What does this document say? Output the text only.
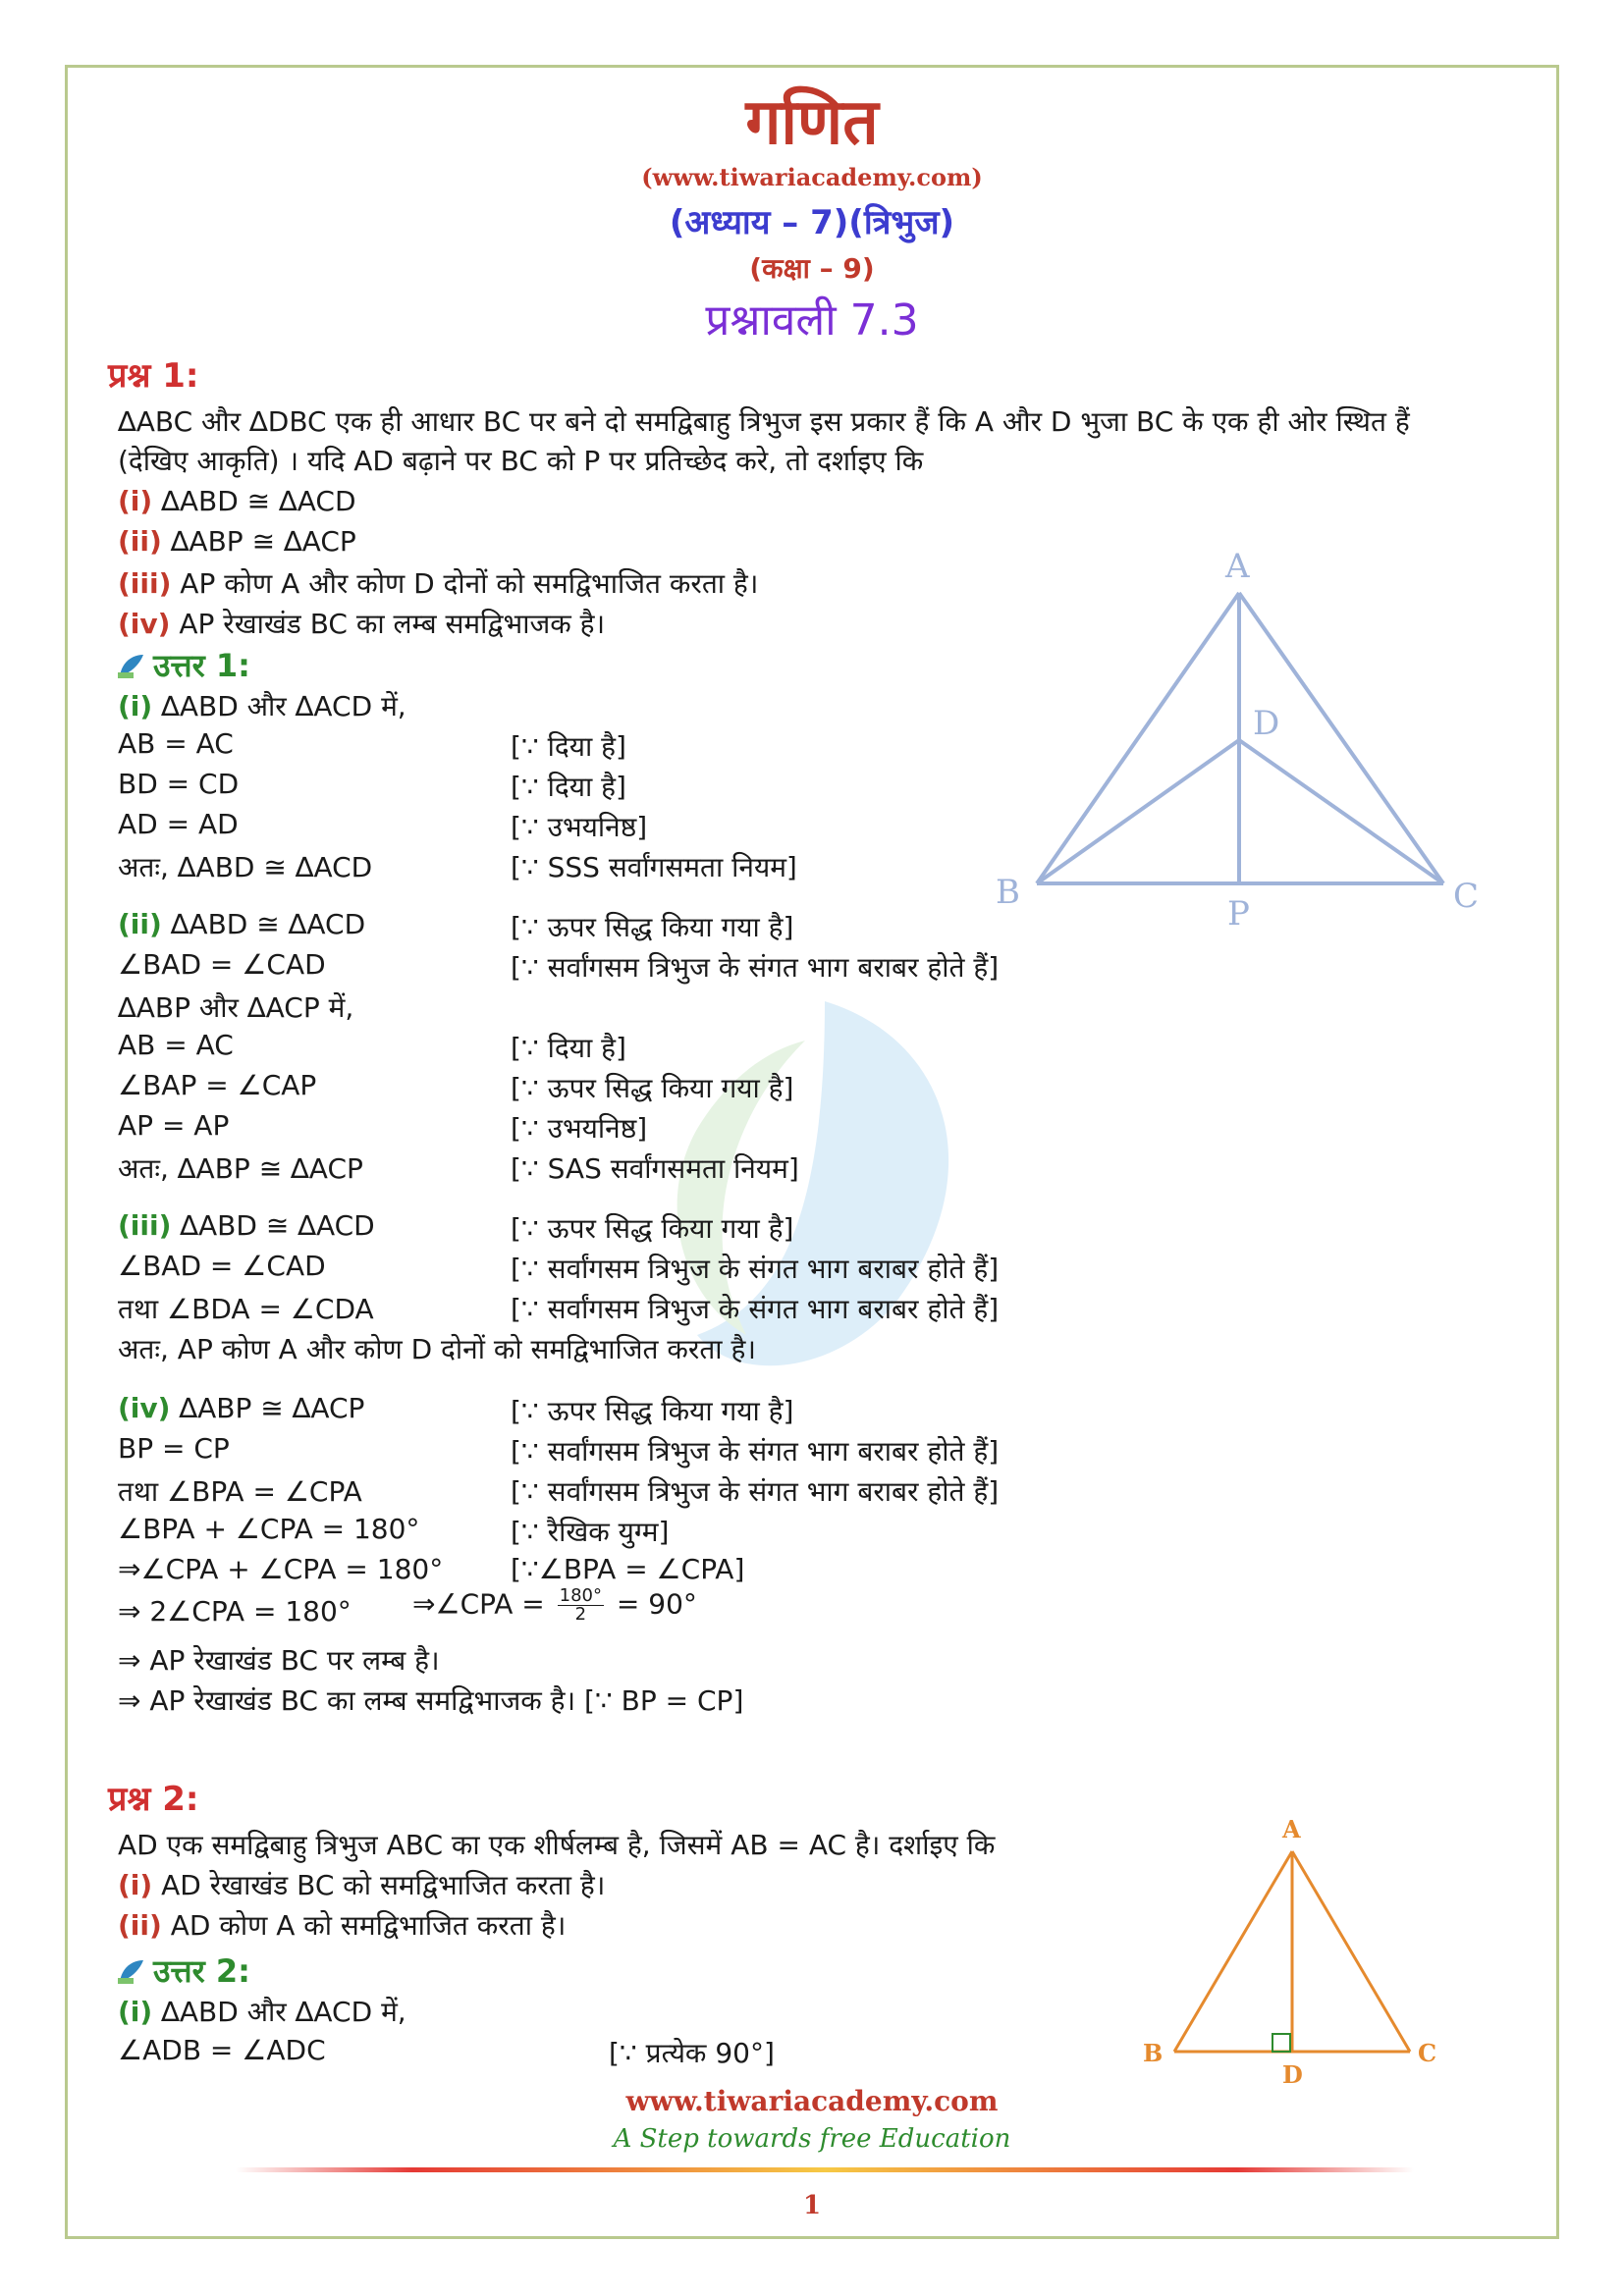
गणित
(www.tiwariacademy.com)
(अध्याय – 7)(त्रिभुज)
(कक्षा – 9)
प्रश्नावली 7.3
प्रश्न 1:
∆ABC और ∆DBC एक ही आधार BC पर बने दो समद्विबाहु त्रिभुज इस प्रकार हैं कि A और D भुजा BC के एक ही ओर स्थित हैं
(देखिए आकृति) । यदि AD बढ़ाने पर BC को P पर प्रतिच्छेद करे, तो दर्शाइए कि
(i) ∆ABD ≅ ∆ACD
(ii) ∆ABP ≅ ∆ACP
(iii) AP कोण A और कोण D दोनों को समद्विभाजित करता है।
(iv) AP रेखाखंड BC का लम्ब समद्विभाजक है।
A
B	C
D
P
उत्तर 1:
(i) ∆ABD और ∆ACD में,
AB = AC	[∵ दिया है]
BD = CD	[∵ दिया है]
AD = AD	[∵ उभयनिष्ठ]
अतः, ∆ABD ≅ ∆ACD	[∵ SSS सर्वांगसमता नियम]
(ii) ∆ABD ≅ ∆ACD	[∵ ऊपर सिद्ध किया गया है]
∠BAD = ∠CAD	[∵ सर्वांगसम त्रिभुज के संगत भाग बराबर होते हैं]
∆ABP और ∆ACP में,
AB = AC	[∵ दिया है]
∠BAP = ∠CAP	[∵ ऊपर सिद्ध किया गया है]
AP = AP	[∵ उभयनिष्ठ]
अतः, ∆ABP ≅ ∆ACP	[∵ SAS सर्वांगसमता नियम]
(iii) ∆ABD ≅ ∆ACD	[∵ ऊपर सिद्ध किया गया है]
∠BAD = ∠CAD	[∵ सर्वांगसम त्रिभुज के संगत भाग बराबर होते हैं]
तथा ∠BDA = ∠CDA	[∵ सर्वांगसम त्रिभुज के संगत भाग बराबर होते हैं]
अतः, AP कोण A और कोण D दोनों को समद्विभाजित करता है।
(iv) ∆ABP ≅ ∆ACP	[∵ ऊपर सिद्ध किया गया है]
BP = CP	[∵ सर्वांगसम त्रिभुज के संगत भाग बराबर होते हैं]
तथा ∠BPA = ∠CPA	[∵ सर्वांगसम त्रिभुज के संगत भाग बराबर होते हैं]
∠BPA + ∠CPA = 180°	[∵ रैखिक युग्म]
⇒∠CPA + ∠CPA = 180° [∵∠BPA = ∠CPA]
⇒ 2∠CPA = 180° ⇒∠CPA = $\frac{180^\circ}{2} = 90^\circ$
⇒ AP रेखाखंड BC पर लम्ब है।
⇒ AP रेखाखंड BC का लम्ब समद्विभाजक है। [∵ BP = CP]
प्रश्न 2:
AD एक समद्विबाहु त्रिभुज ABC का एक शीर्षलम्ब है, जिसमें AB = AC है। दर्शाइए कि
(i) AD रेखाखंड BC को समद्विभाजित करता है।
(ii) AD कोण A को समद्विभाजित करता है।
A
B	C
D
उत्तर 2:
(i) ∆ABD और ∆ACD में,
∠ADB = ∠ADC	[∵ प्रत्येक 90°]
www.tiwariacademy.com
A Step towards free Education
1
